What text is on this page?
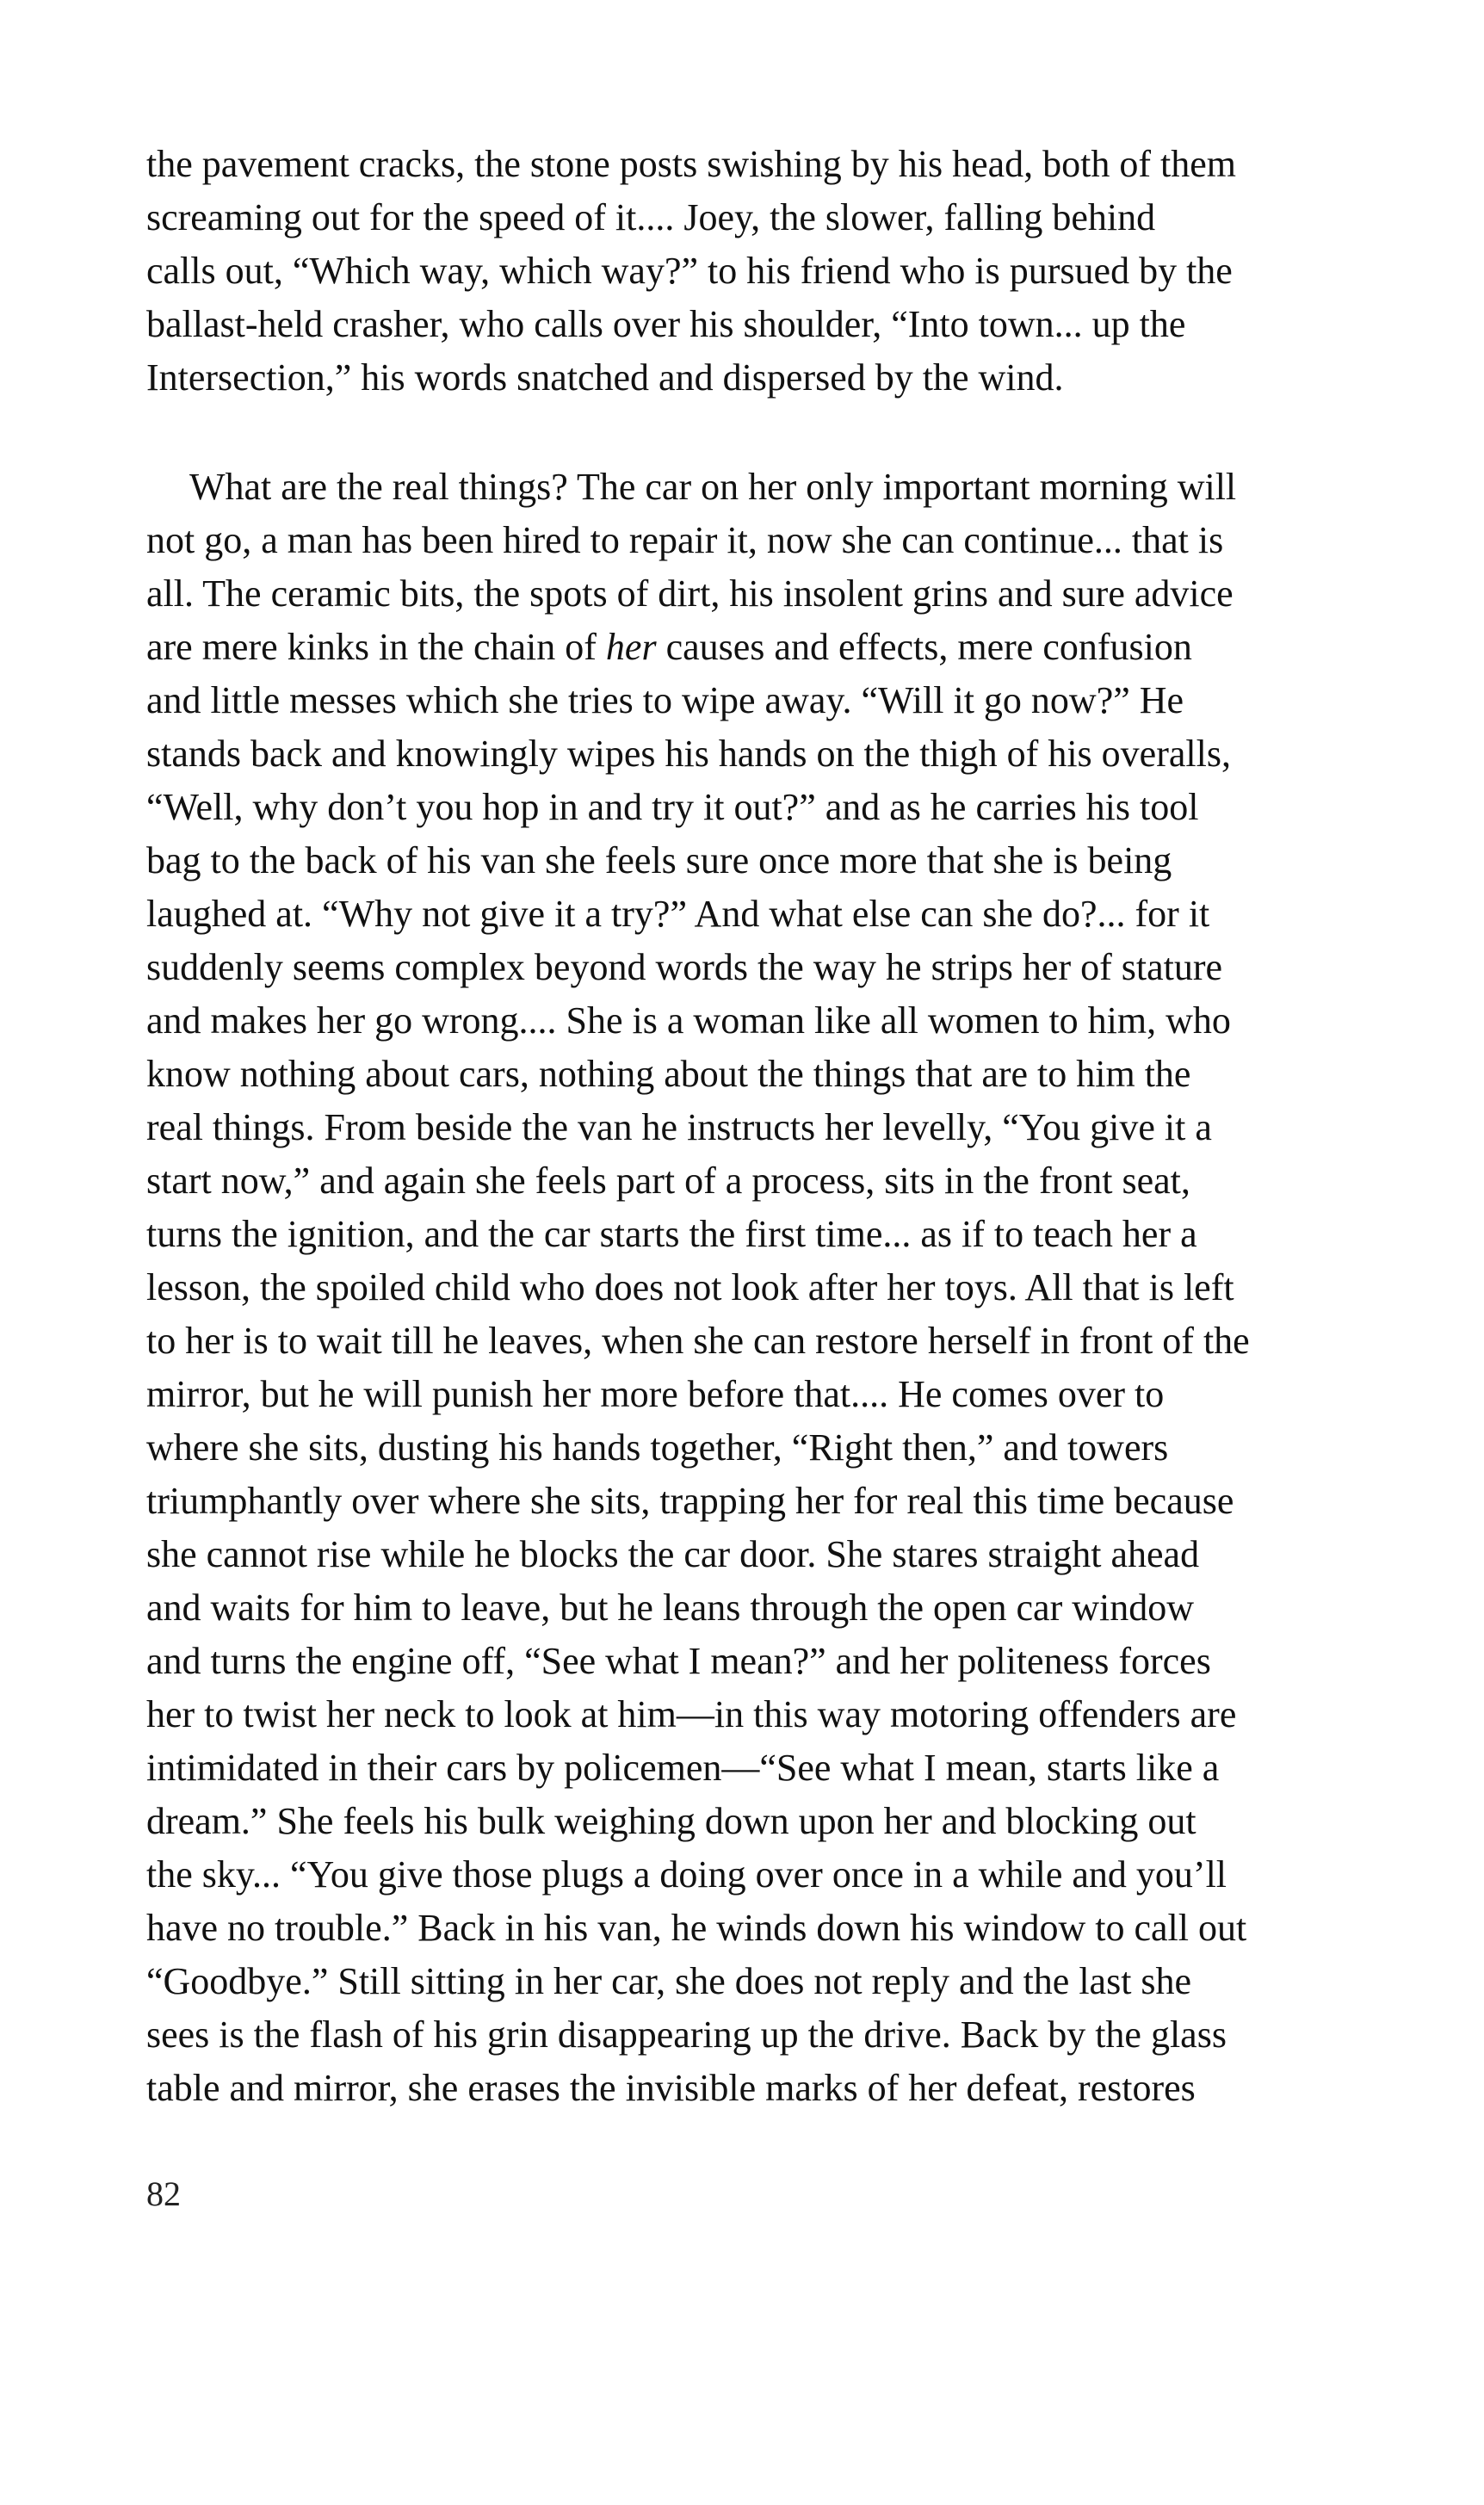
the pavement cracks, the stone posts swishing by his head, both of them
screaming out for the speed of it.... Joey, the slower, falling behind
calls out, “Which way, which way?” to his friend who is pursued by the
ballast-held crasher, who calls over his shoulder, “Into town... up the
Intersection,” his words snatched and dispersed by the wind.
What are the real things? The car on her only important morning will
not go, a man has been hired to repair it, now she can continue... that is
all. The ceramic bits, the spots of dirt, his insolent grins and sure advice
are mere kinks in the chain of her causes and effects, mere confusion
and little messes which she tries to wipe away. “Will it go now?” He
stands back and knowingly wipes his hands on the thigh of his overalls,
“Well, why don’t you hop in and try it out?” and as he carries his tool
bag to the back of his van she feels sure once more that she is being
laughed at. “Why not give it a try?” And what else can she do?... for it
suddenly seems complex beyond words the way he strips her of stature
and makes her go wrong.... She is a woman like all women to him, who
know nothing about cars, nothing about the things that are to him the
real things. From beside the van he instructs her levelly, “You give it a
start now,” and again she feels part of a process, sits in the front seat,
turns the ignition, and the car starts the first time... as if to teach her a
lesson, the spoiled child who does not look after her toys. All that is left
to her is to wait till he leaves, when she can restore herself in front of the
mirror, but he will punish her more before that.... He comes over to
where she sits, dusting his hands together, “Right then,” and towers
triumphantly over where she sits, trapping her for real this time because
she cannot rise while he blocks the car door. She stares straight ahead
and waits for him to leave, but he leans through the open car window
and turns the engine off, “See what I mean?” and her politeness forces
her to twist her neck to look at him—in this way motoring offenders are
intimidated in their cars by policemen—“See what I mean, starts like a
dream.” She feels his bulk weighing down upon her and blocking out
the sky... “You give those plugs a doing over once in a while and you’ll
have no trouble.” Back in his van, he winds down his window to call out
“Goodbye.” Still sitting in her car, she does not reply and the last she
sees is the flash of his grin disappearing up the drive. Back by the glass
table and mirror, she erases the invisible marks of her defeat, restores
82
